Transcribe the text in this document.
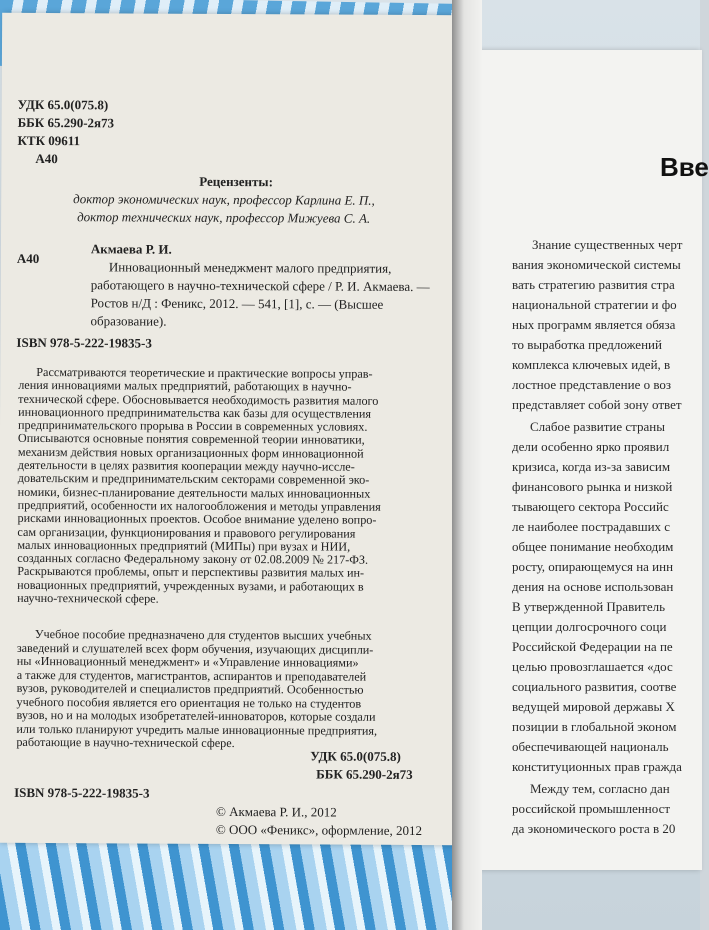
УДК 65.0(075.8)
ББК 65.290-2я73
КТК 09611
А40
Рецензенты:
доктор экономических наук, профессор Карлина Е. П.,
доктор технических наук, профессор Мижуева С. А.
А40
Акмаева Р. И.
Инновационный менеджмент малого предприятия,
работающего в научно-технической сфере / Р. И. Акмаева. —
Ростов н/Д : Феникс, 2012. — 541, [1], с. — (Высшее
образование).
ISBN 978-5-222-19835-3
Рассматриваются теоретические и практические вопросы управ-
ления инновациями малых предприятий, работающих в научно-
технической сфере. Обосновывается необходимость развития малого
инновационного предпринимательства как базы для осуществления
предпринимательского прорыва в России в современных условиях.
Описываются основные понятия современной теории инноватики,
механизм действия новых организационных форм инновационной
деятельности в целях развития кооперации между научно-иссле-
довательским и предпринимательским секторами современной эко-
номики, бизнес-планирование деятельности малых инновационных
предприятий, особенности их налогообложения и методы управления
рисками инновационных проектов. Особое внимание уделено вопро-
сам организации, функционирования и правового регулирования
малых инновационных предприятий (МИПы) при вузах и НИИ,
созданных согласно Федеральному закону от 02.08.2009 № 217-ФЗ.
Раскрываются проблемы, опыт и перспективы развития малых ин-
новационных предприятий, учрежденных вузами, и работающих в
научно-технической сфере.
Учебное пособие предназначено для студентов высших учебных
заведений и слушателей всех форм обучения, изучающих дисципли-
ны «Инновационный менеджмент» и «Управление инновациями»
а также для студентов, магистрантов, аспирантов и преподавателей
вузов, руководителей и специалистов предприятий. Особенностью
учебного пособия является его ориентация не только на студентов
вузов, но и на молодых изобретателей-инноваторов, которые создали
или только планируют учредить малые инновационные предприятия,
работающие в научно-технической сфере.
УДК 65.0(075.8)
ББК 65.290-2я73
ISBN 978-5-222-19835-3
© Акмаева Р. И., 2012
© ООО «Феникс», оформление, 2012
Вве
Знание существенных черт
вания экономической системы
вать стратегию развития стра
национальной стратегии и фо
ных программ является обяза
то выработка предложений
комплекса ключевых идей, в
лостное представление о воз
представляет собой зону ответ
Слабое развитие страны
дели особенно ярко проявил
кризиса, когда из-за зависим
финансового рынка и низкой
тывающего сектора Российс
ле наиболее пострадавших с
общее понимание необходим
росту, опирающемуся на инн
дения на основе использован
В утвержденной Правитель
цепции долгосрочного соци
Российской Федерации на пе
целью провозглашается «дос
социального развития, соотве
ведущей мировой державы X
позиции в глобальной эконом
обеспечивающей националь
конституционных прав гражда
Между тем, согласно дан
российской промышленност
да экономического роста в 20
